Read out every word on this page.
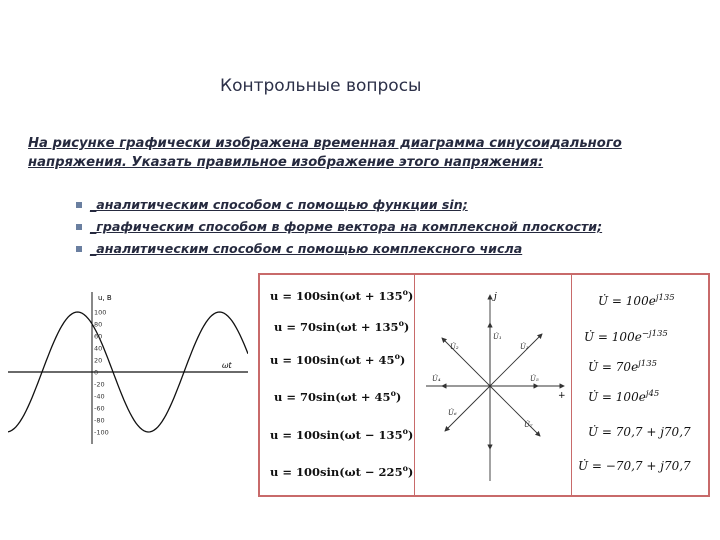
Контрольные вопросы
На рисунке графически изображена временная диаграмма синусоидального напряжения. Указать правильное изображение этого напряжения:
_аналитическим способом с помощью функции sin;
_графическим способом в форме вектора на комплексной плоскости;
_аналитическим способом с помощью комплексного числа
u, B
ωt
100
80
60
40
20
0
-20
-40
-60
-80
-100
$u = 100\sin(\omega t + 135^o)$
$u = 70\sin(\omega t + 135^o)$
$u = 100\sin(\omega t + 45^o)$
$u = 70\sin(\omega t + 45^o)$
$u = 100\sin(\omega t - 135^o)$
$u = 100\sin(\omega t - 225^o)$
j
+
U̇₁
U̇₂	U̇₃
U̇₄	U̇₅
U̇₆
U̇₇
U̇ = $100e^{j135}$
U̇ = $100e^{-j135}$
U̇ = $70e^{j135}$
U̇ = $100e^{j45}$
U̇ = 70,7 + j70,7
U̇ = −70,7 + j70,7
